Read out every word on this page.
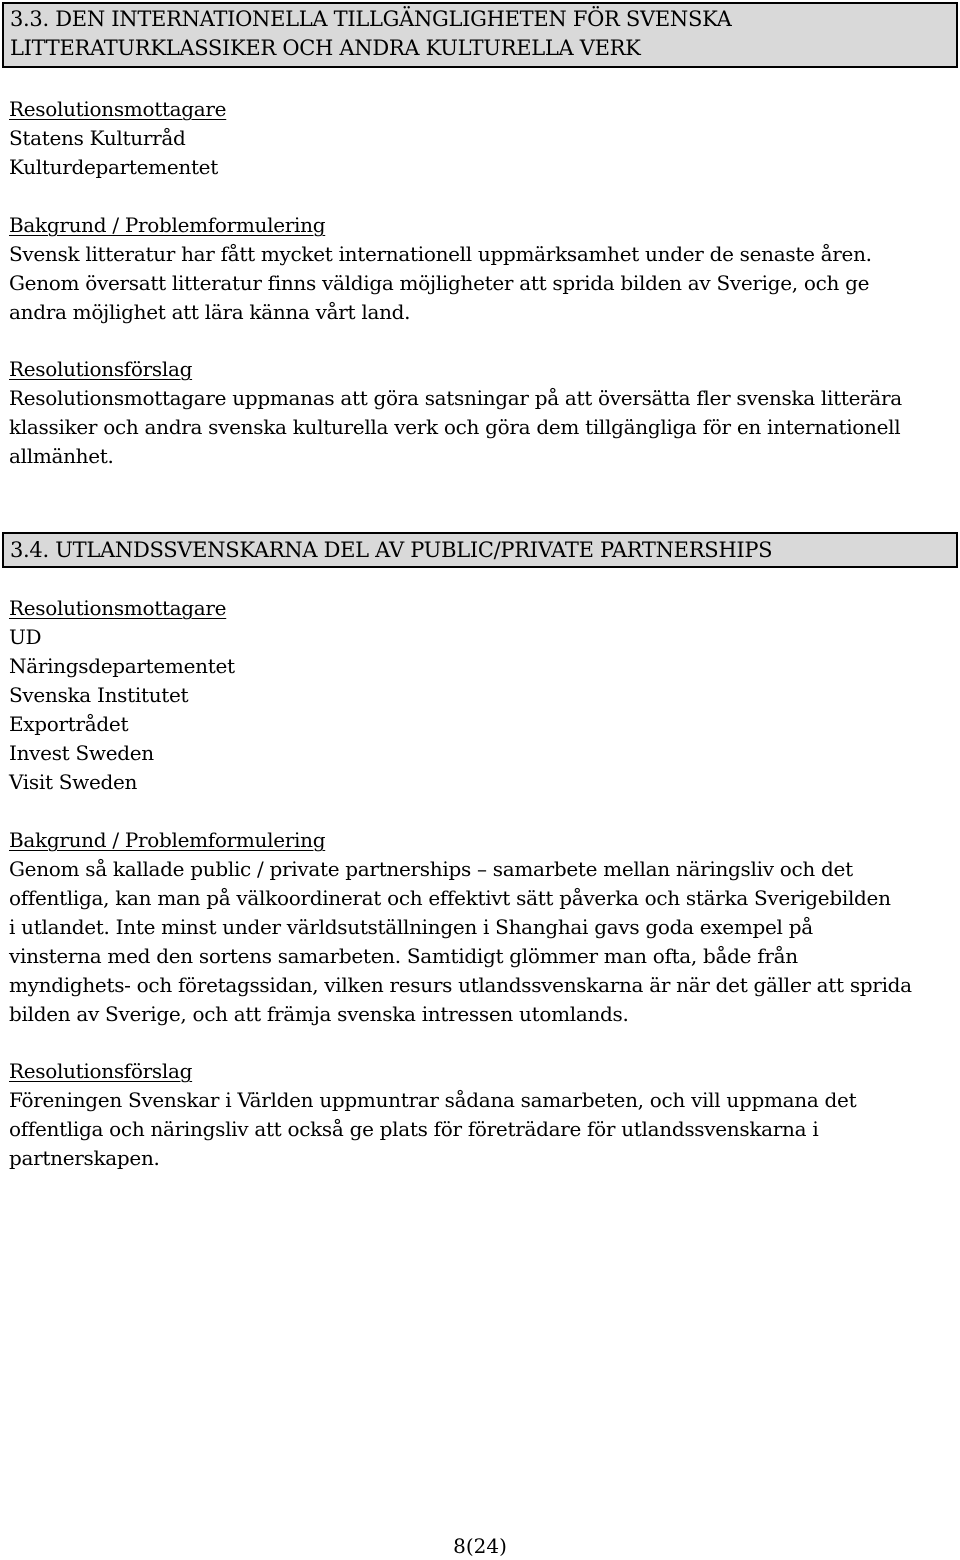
3.3. DEN INTERNATIONELLA TILLGÄNGLIGHETEN FÖR SVENSKA
LITTERATURKLASSIKER OCH ANDRA KULTURELLA VERK
Resolutionsmottagare
Statens Kulturråd
Kulturdepartementet
Bakgrund / Problemformulering
Svensk litteratur har fått mycket internationell uppmärksamhet under de senaste åren.
Genom översatt litteratur finns väldiga möjligheter att sprida bilden av Sverige, och ge
andra möjlighet att lära känna vårt land.
Resolutionsförslag
Resolutionsmottagare uppmanas att göra satsningar på att översätta fler svenska litterära
klassiker och andra svenska kulturella verk och göra dem tillgängliga för en internationell
allmänhet.
3.4. UTLANDSSVENSKARNA DEL AV PUBLIC/PRIVATE PARTNERSHIPS
Resolutionsmottagare
UD
Näringsdepartementet
Svenska Institutet
Exportrådet
Invest Sweden
Visit Sweden
Bakgrund / Problemformulering
Genom så kallade public / private partnerships – samarbete mellan näringsliv och det
offentliga, kan man på välkoordinerat och effektivt sätt påverka och stärka Sverigebilden
i utlandet. Inte minst under världsutställningen i Shanghai gavs goda exempel på
vinsterna med den sortens samarbeten. Samtidigt glömmer man ofta, både från
myndighets- och företagssidan, vilken resurs utlandssvenskarna är när det gäller att sprida
bilden av Sverige, och att främja svenska intressen utomlands.
Resolutionsförslag
Föreningen Svenskar i Världen uppmuntrar sådana samarbeten, och vill uppmana det
offentliga och näringsliv att också ge plats för företrädare för utlandssvenskarna i
partnerskapen.
8(24)
